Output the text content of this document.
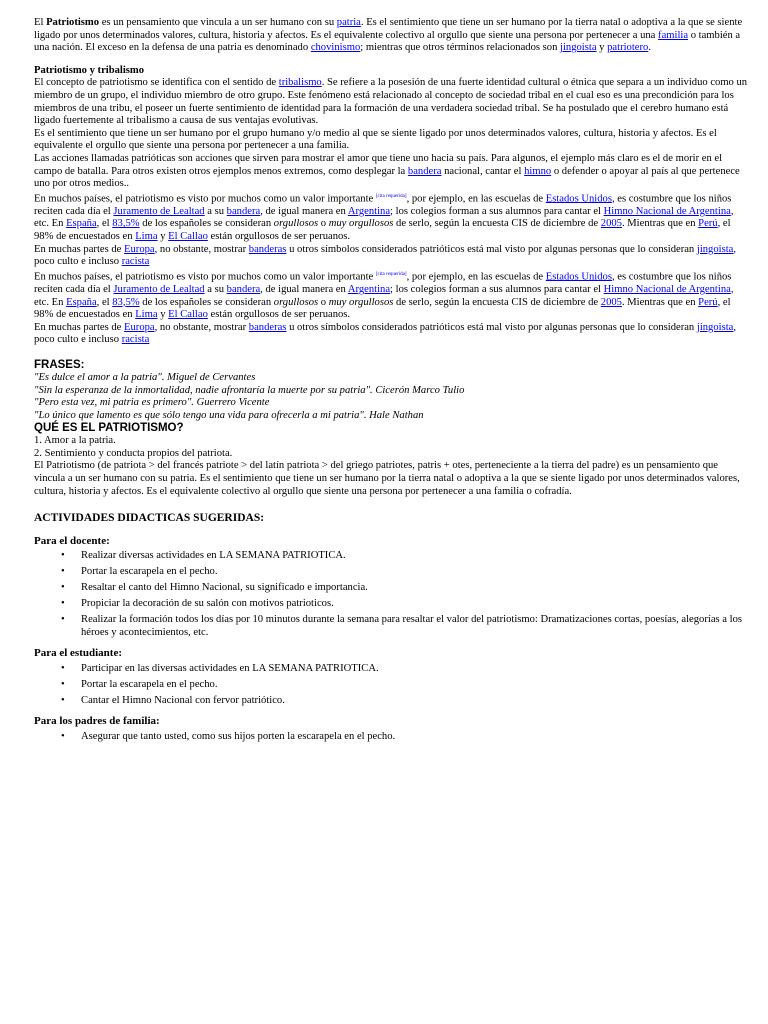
El Patriotismo es un pensamiento que vincula a un ser humano con su patria. Es el sentimiento que tiene un ser humano por la tierra natal o adoptiva a la que se siente ligado por unos determinados valores, cultura, historia y afectos. Es el equivalente colectivo al orgullo que siente una persona por pertenecer a una familia o también a una nación. El exceso en la defensa de una patria es denominado chovinismo; mientras que otros términos relacionados son jingoista y patriotero.

Patriotismo y tribalismo

El concepto de patriotismo se identifica con el sentido de tribalismo. Se refiere a la posesión de una fuerte identidad cultural o étnica que separa a un individuo como un miembro de un grupo, el individuo miembro de otro grupo. Este fenómeno está relacionado al concepto de sociedad tribal en el cual eso es una precondición para los miembros de una tribu, el poseer un fuerte sentimiento de identidad para la formación de una verdadera sociedad tribal. Se ha postulado que el cerebro humano está ligado fuertemente al tribalismo a causa de sus ventajas evolutivas.

Es el sentimiento que tiene un ser humano por el grupo humano y/o medio al que se siente ligado por unos determinados valores, cultura, historia y afectos. Es el equivalente el orgullo que siente una persona por pertenecer a una familia.

Las acciones llamadas patrióticas son acciones que sirven para mostrar el amor que tiene uno hacia su país. Para algunos, el ejemplo más claro es el de morir en el campo de batalla. Para otros existen otros ejemplos menos extremos, como desplegar la bandera nacional, cantar el himno o defender o apoyar al país al que pertenece uno por otros medios..

En muchos países, el patriotismo es visto por muchos como un valor importante [cita requerida], por ejemplo, en las escuelas de Estados Unidos, es costumbre que los niños reciten cada día el Juramento de Lealtad a su bandera, de igual manera en Argentina; los colegios forman a sus alumnos para cantar el Himno Nacional de Argentina, etc. En España, el 83,5% de los españoles se consideran orgullosos o muy orgullosos de serlo, según la encuesta CIS de diciembre de 2005. Mientras que en Perú, el 98% de encuestados en Lima y El Callao están orgullosos de ser peruanos.

En muchas partes de Europa, no obstante, mostrar banderas u otros símbolos considerados patrióticos está mal visto por algunas personas que lo consideran jingoista, poco culto e incluso racista

En muchos países, el patriotismo es visto por muchos como un valor importante [cita requerida], por ejemplo, en las escuelas de Estados Unidos, es costumbre que los niños reciten cada día el Juramento de Lealtad a su bandera, de igual manera en Argentina; los colegios forman a sus alumnos para cantar el Himno Nacional de Argentina, etc. En España, el 83,5% de los españoles se consideran orgullosos o muy orgullosos de serlo, según la encuesta CIS de diciembre de 2005. Mientras que en Perú, el 98% de encuestados en Lima y El Callao están orgullosos de ser peruanos.

En muchas partes de Europa, no obstante, mostrar banderas u otros símbolos considerados patrióticos está mal visto por algunas personas que lo consideran jingoista, poco culto e incluso racista

FRASES:

"Es dulce el amor a la patria". Miguel de Cervantes

"Sin la esperanza de la inmortalidad, nadie afrontaría la muerte por su patria". Cicerón Marco Tulio

"Pero esta vez, mi patria es primero". Guerrero Vicente

"Lo único que lamento es que sólo tengo una vida para ofrecerla a mi patria". Hale Nathan

QUÉ ES EL PATRIOTISMO?

1. Amor a la patria.

2. Sentimiento y conducta propios del patriota.

El Patriotismo (de patriota > del francés patriote > del latín patriota > del griego patriotes, patris + otes, perteneciente a la tierra del padre) es un pensamiento que vincula a un ser humano con su patria. Es el sentimiento que tiene un ser humano por la tierra natal o adoptiva a la que se siente ligado por unos determinados valores, cultura, historia y afectos. Es el equivalente colectivo al orgullo que siente una persona por pertenecer a una familia o cofradía.

ACTIVIDADES DIDACTICAS SUGERIDAS:

Para el docente:

• Realizar diversas actividades en LA SEMANA PATRIOTICA.
• Portar la escarapela en el pecho.
• Resaltar el canto del Himno Nacional, su significado e importancia.
• Propiciar la decoración de su salón con motivos patrioticos.
• Realizar la formación todos los días por 10 minutos durante la semana para resaltar el valor del patriotismo: Dramatizaciones cortas, poesías, alegorías a los héroes y acontecimientos, etc.

Para el estudiante:

• Participar en las diversas actividades en LA SEMANA PATRIOTICA.
• Portar la escarapela en el pecho.
• Cantar el Himno Nacional con fervor patriótico.

Para los padres de familia:

• Asegurar que tanto usted, como sus hijos porten la escarapela en el pecho.
